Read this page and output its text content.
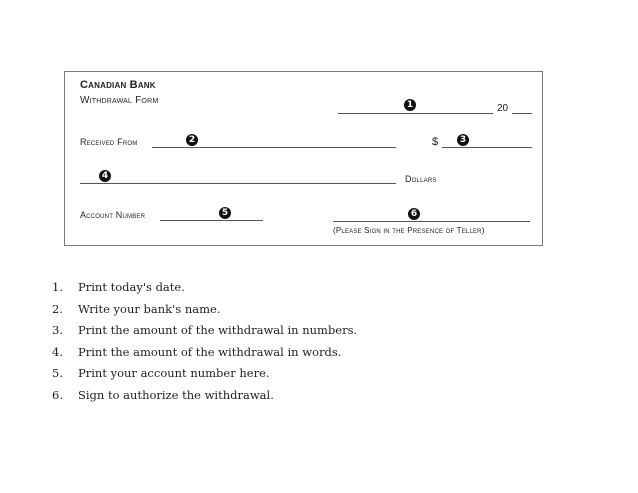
Canadian Bank
Withdrawal Form	1	20
Received From	2	$	3
4	Dollars
Account Number	5	6
(Please Sign in the Presence of Teller)
1. Print today's date.
2. Write your bank's name.
3. Print the amount of the withdrawal in numbers.
4. Print the amount of the withdrawal in words.
5. Print your account number here.
6. Sign to authorize the withdrawal.
